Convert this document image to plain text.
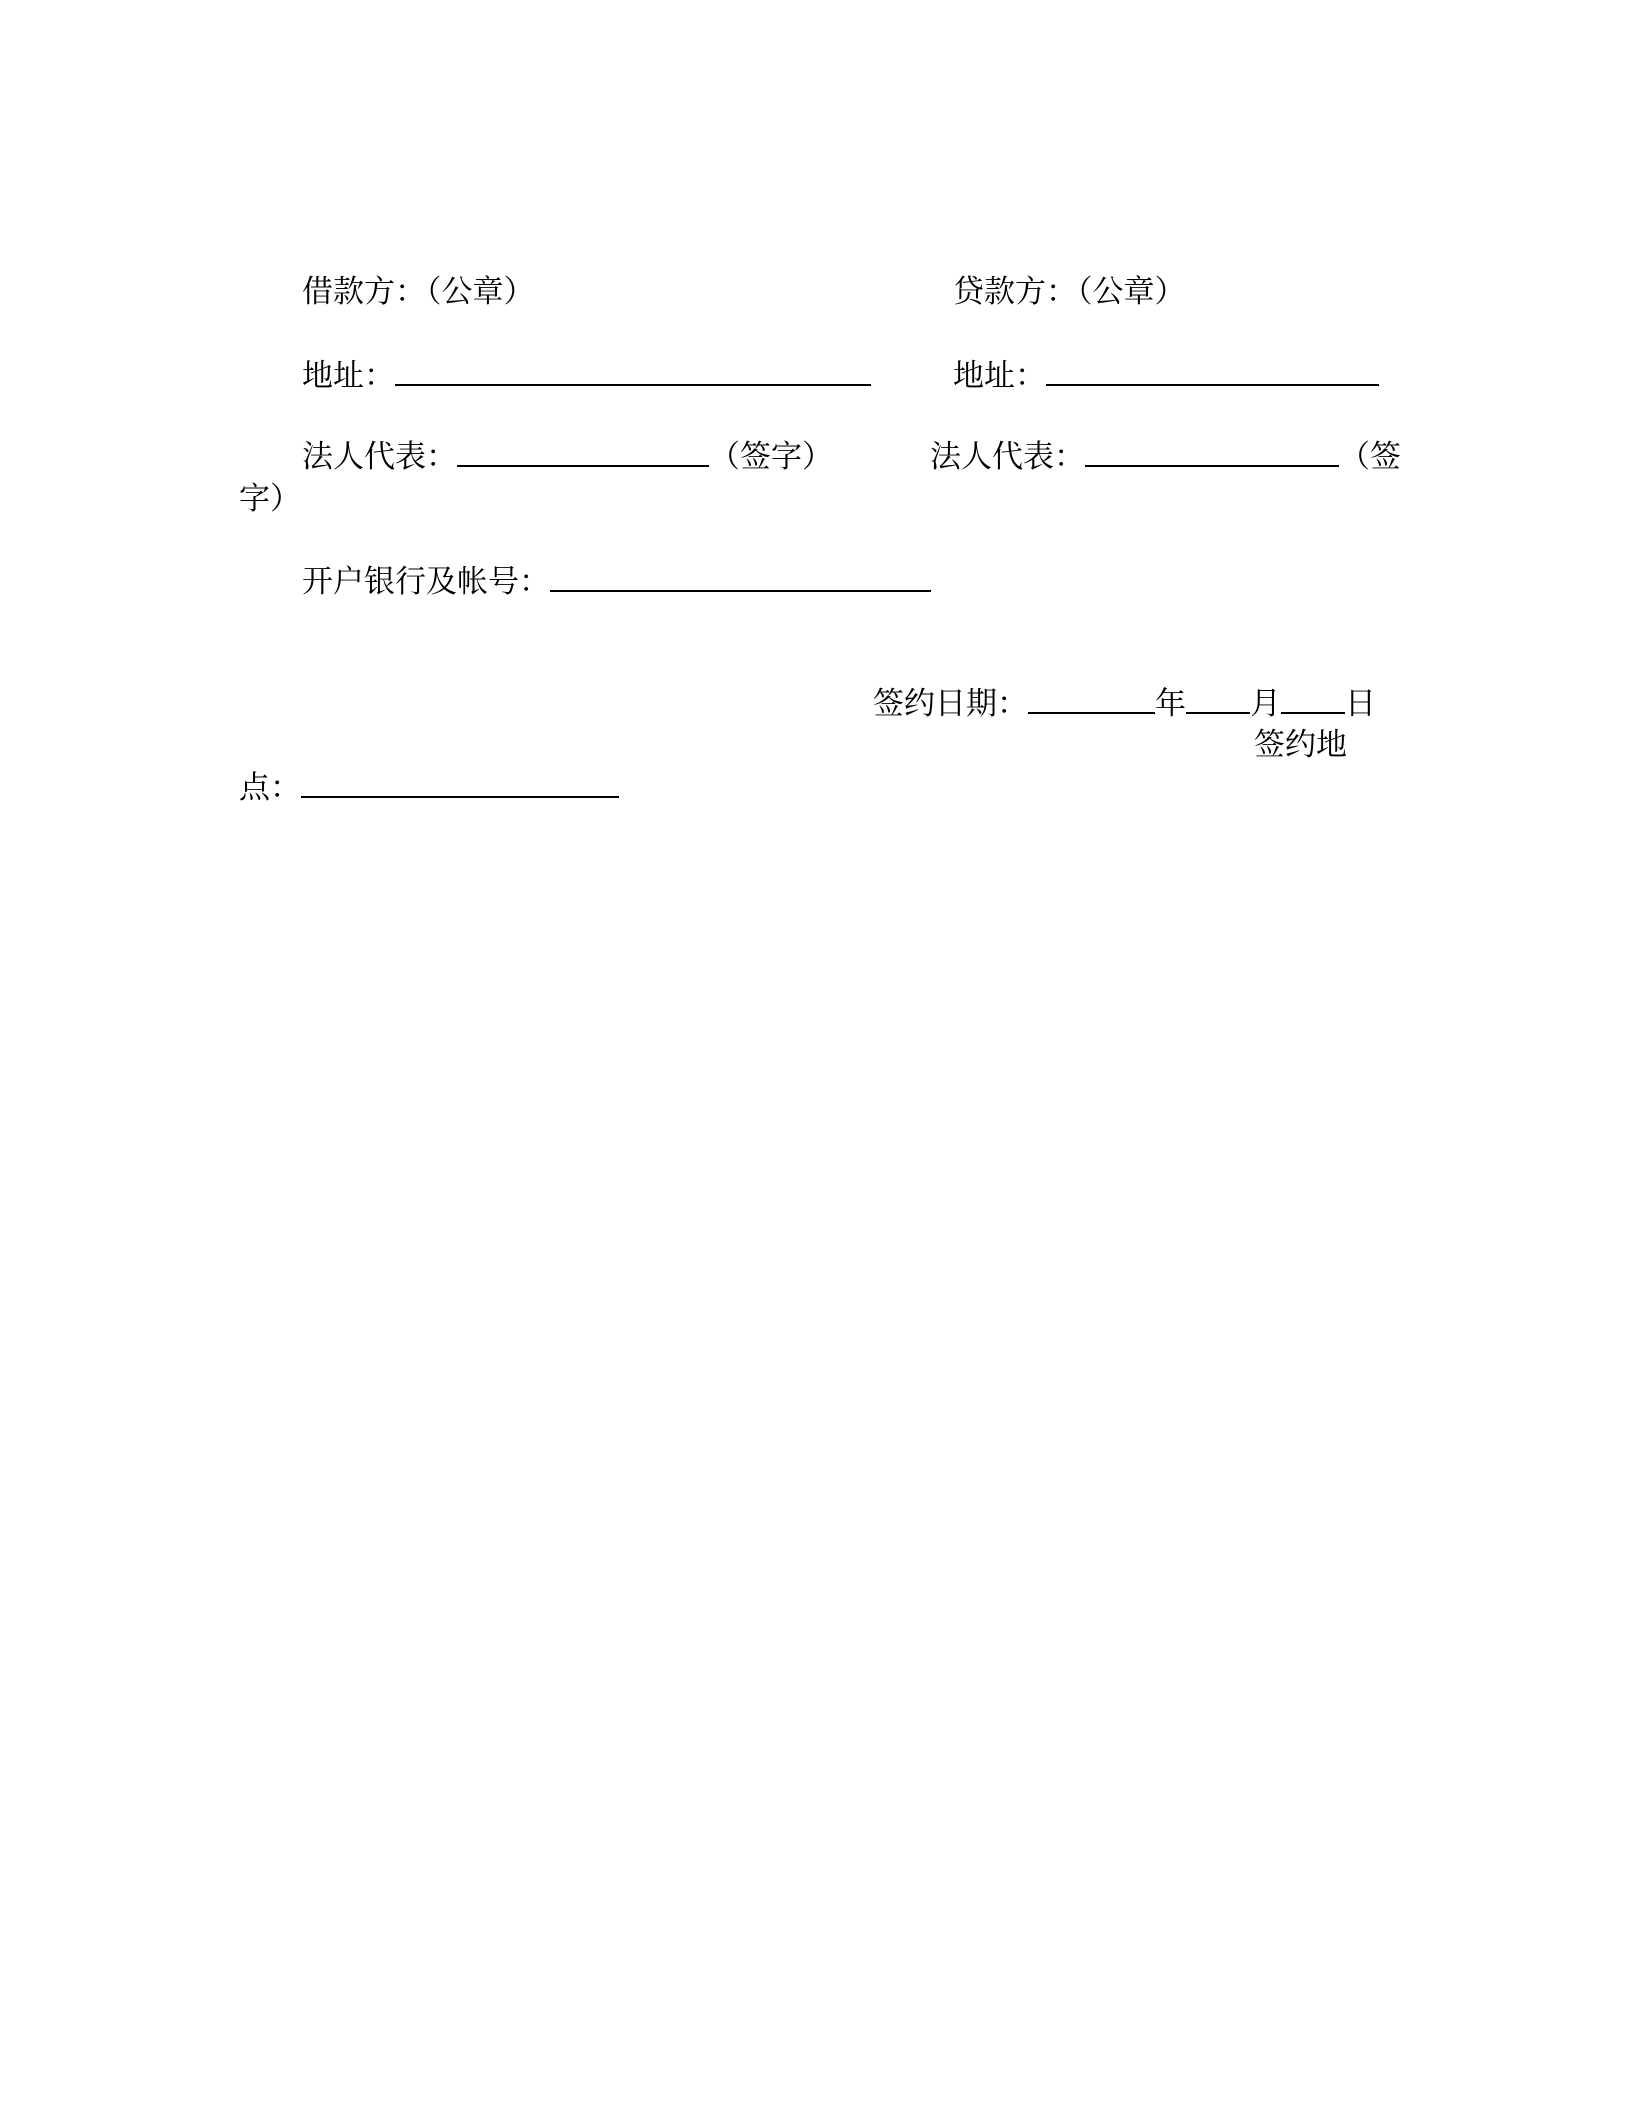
借款方：（公章）	贷款方：（公章）
地址：	地址：
法人代表：	（签字）	法人代表：	（签
字）
开户银行及帐号：
签约日期：	年 月 日
签约地
点：
